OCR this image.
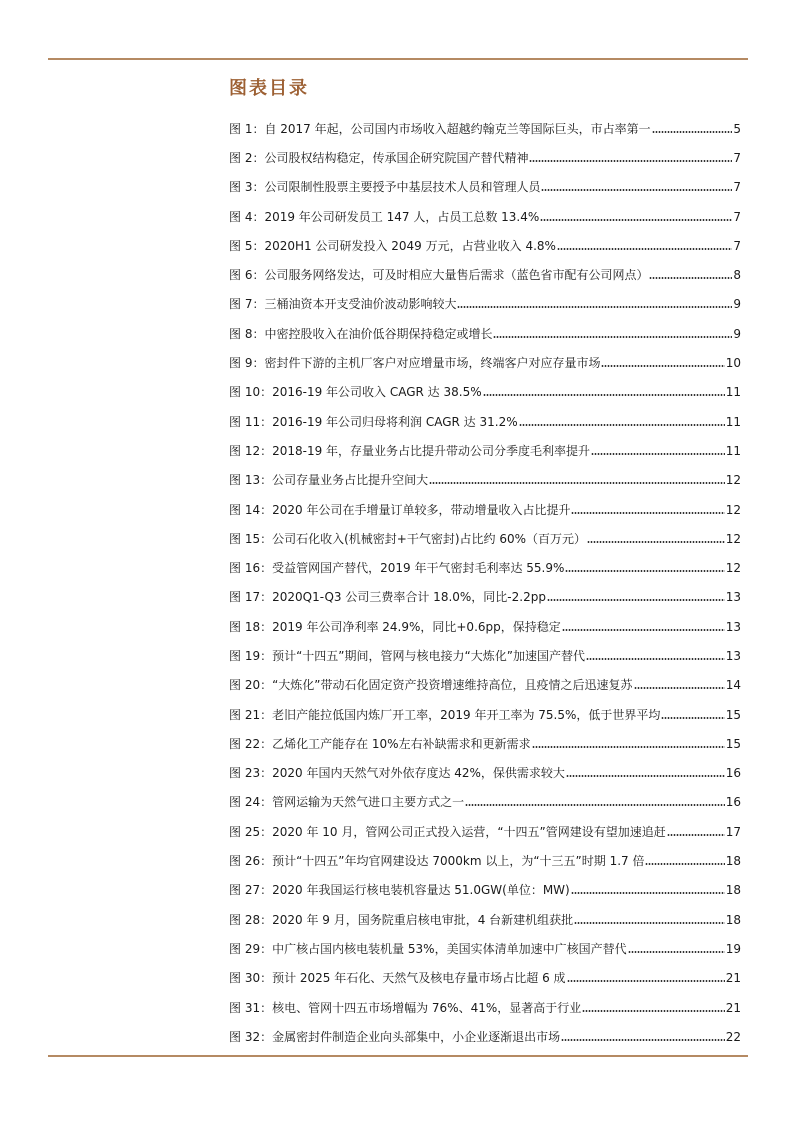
图表目录
图 1：自 2017 年起，公司国内市场收入超越约翰克兰等国际巨头，市占率第一	5
图 2：公司股权结构稳定，传承国企研究院国产替代精神	7
图 3：公司限制性股票主要授予中基层技术人员和管理人员	7
图 4：2019 年公司研发员工 147 人，占员工总数 13.4%	7
图 5：2020H1 公司研发投入 2049 万元，占营业收入 4.8%	7
图 6：公司服务网络发达，可及时相应大量售后需求（蓝色省市配有公司网点）	8
图 7：三桶油资本开支受油价波动影响较大	9
图 8：中密控股收入在油价低谷期保持稳定或增长	9
图 9：密封件下游的主机厂客户对应增量市场，终端客户对应存量市场	10
图 10：2016-19 年公司收入 CAGR 达 38.5%	11
图 11：2016-19 年公司归母将利润 CAGR 达 31.2%	11
图 12：2018-19 年，存量业务占比提升带动公司分季度毛利率提升	11
图 13：公司存量业务占比提升空间大	12
图 14：2020 年公司在手增量订单较多，带动增量收入占比提升	12
图 15：公司石化收入(机械密封+干气密封)占比约 60%（百万元）	12
图 16：受益管网国产替代，2019 年干气密封毛利率达 55.9%	12
图 17：2020Q1-Q3 公司三费率合计 18.0%，同比-2.2pp	13
图 18：2019 年公司净利率 24.9%，同比+0.6pp，保持稳定	13
图 19：预计“十四五”期间，管网与核电接力“大炼化”加速国产替代	13
图 20：“大炼化”带动石化固定资产投资增速维持高位，且疫情之后迅速复苏	14
图 21：老旧产能拉低国内炼厂开工率，2019 年开工率为 75.5%，低于世界平均	15
图 22：乙烯化工产能存在 10%左右补缺需求和更新需求	15
图 23：2020 年国内天然气对外依存度达 42%，保供需求较大	16
图 24：管网运输为天然气进口主要方式之一	16
图 25：2020 年 10 月，管网公司正式投入运营，“十四五”管网建设有望加速追赶	17
图 26：预计“十四五”年均官网建设达 7000km 以上，为“十三五”时期 1.7 倍	18
图 27：2020 年我国运行核电装机容量达 51.0GW(单位：MW)	18
图 28：2020 年 9 月，国务院重启核电审批，4 台新建机组获批	18
图 29：中广核占国内核电装机量 53%，美国实体清单加速中广核国产替代	19
图 30：预计 2025 年石化、天然气及核电存量市场占比超 6 成	21
图 31：核电、管网十四五市场增幅为 76%、41%，显著高于行业	21
图 32：金属密封件制造企业向头部集中，小企业逐渐退出市场	22
